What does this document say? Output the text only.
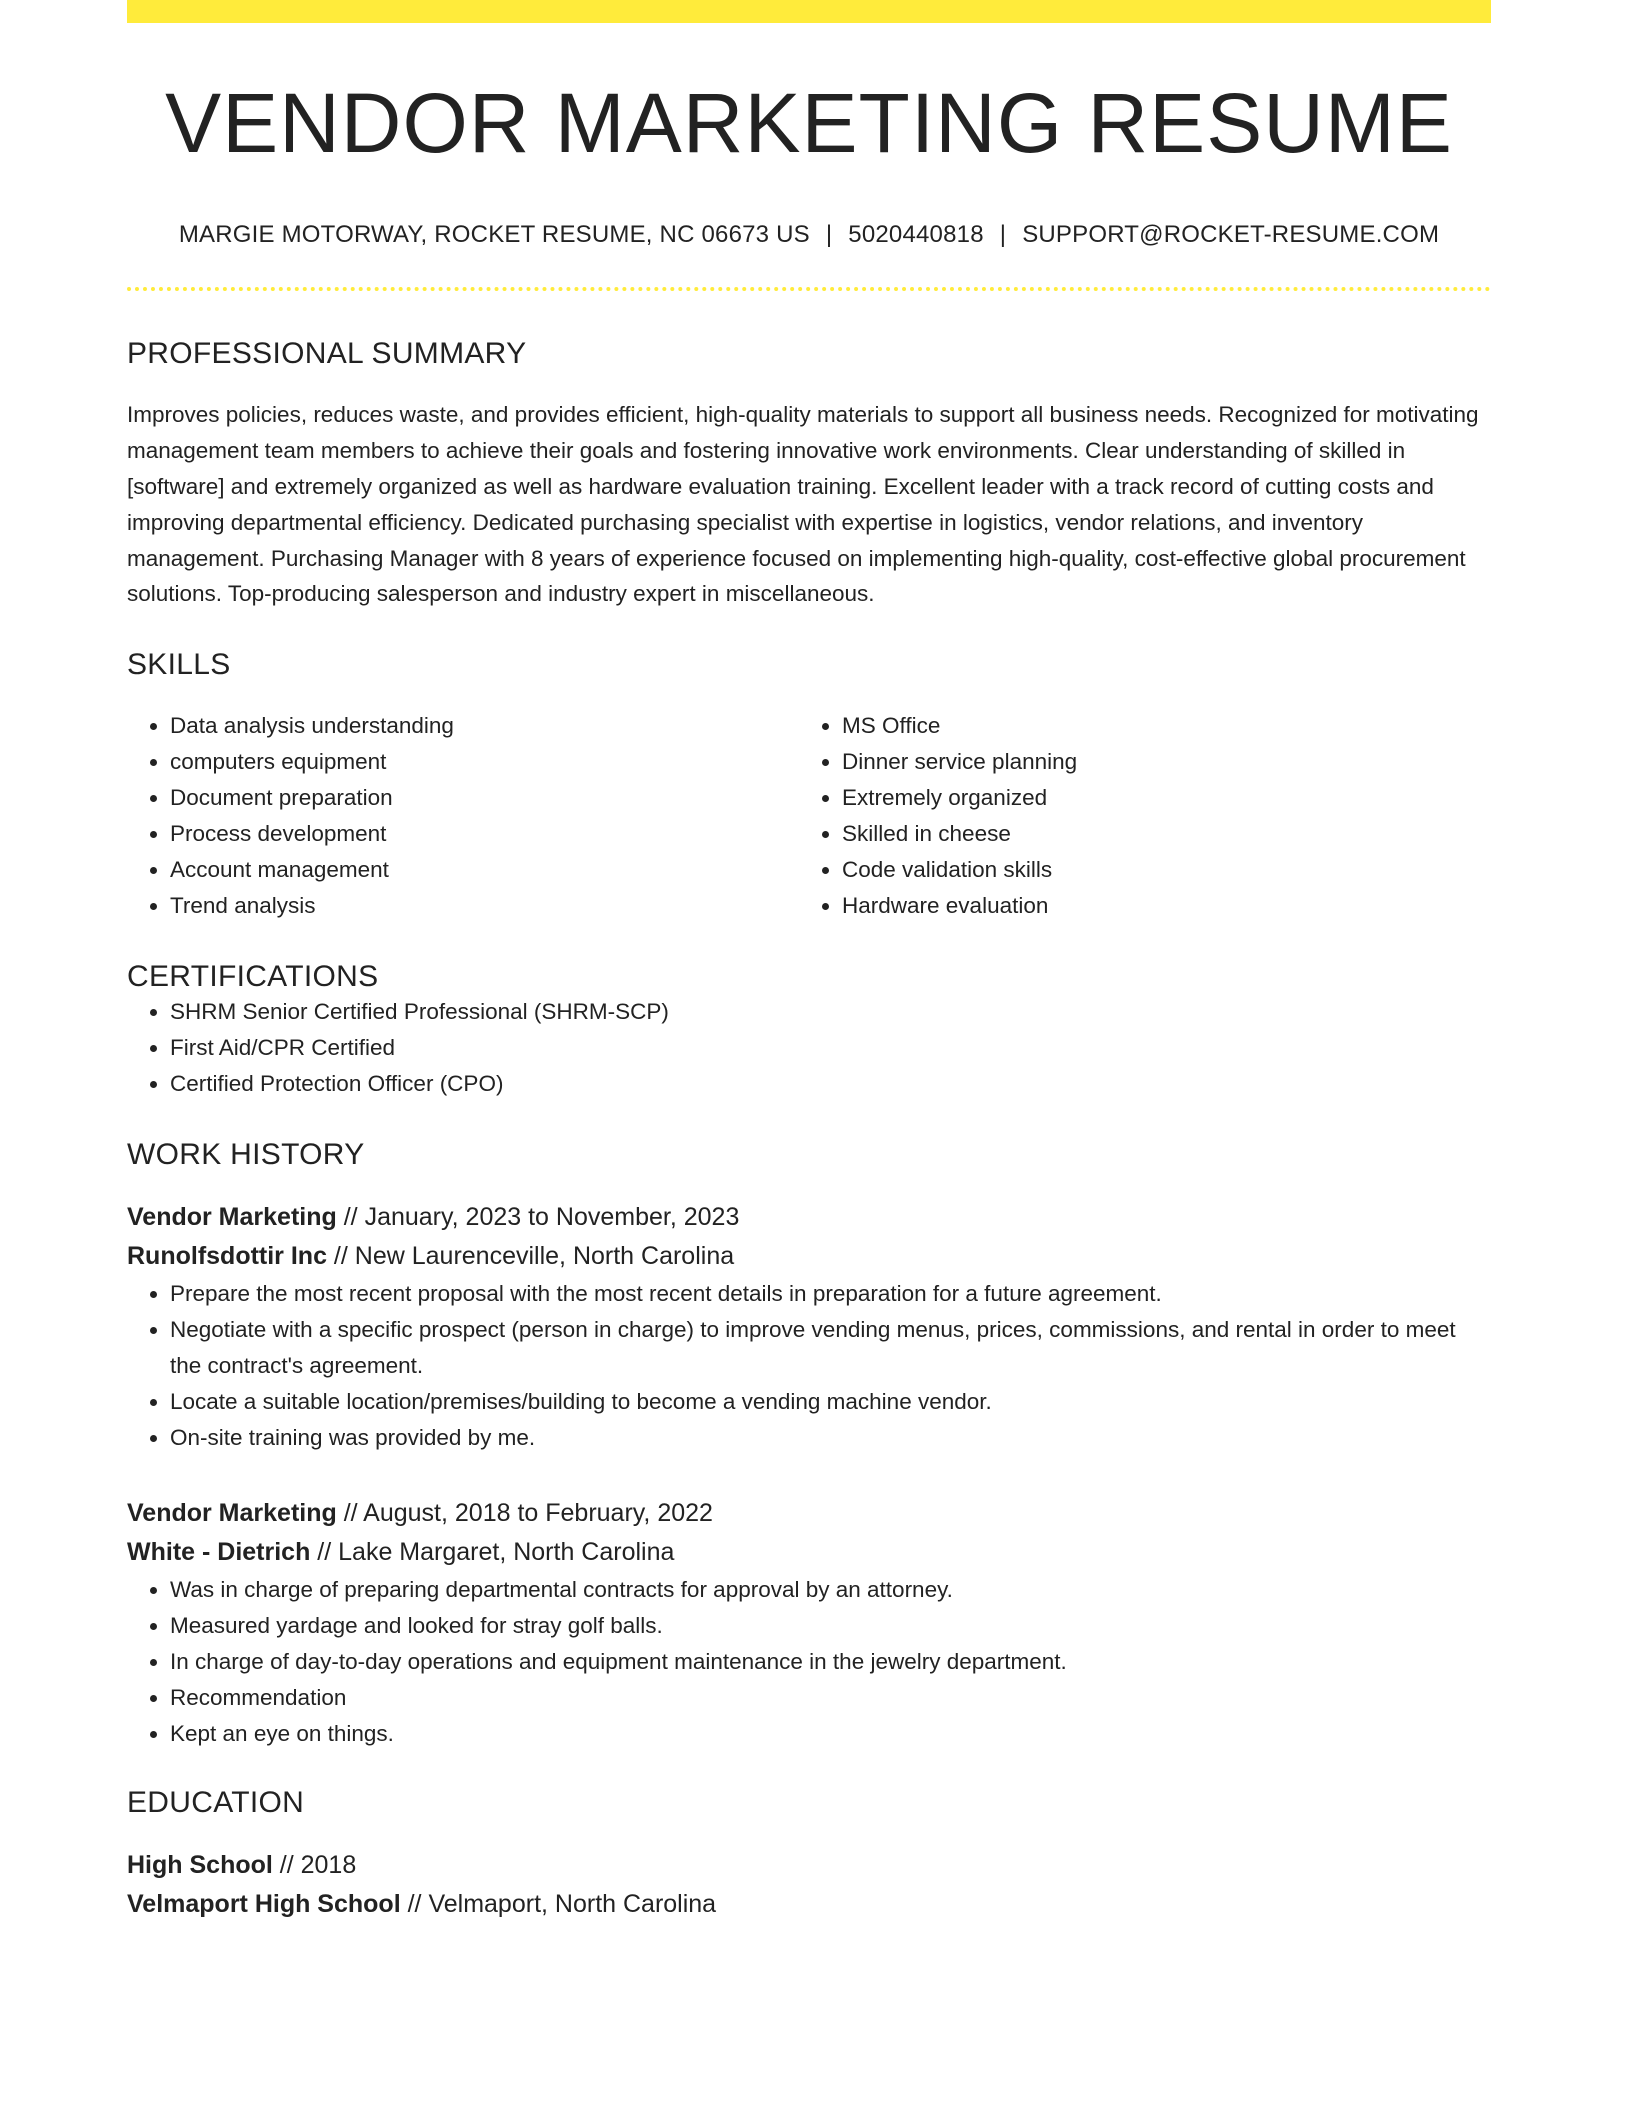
VENDOR MARKETING RESUME
MARGIE MOTORWAY, ROCKET RESUME, NC 06673 US | 5020440818 | SUPPORT@ROCKET-RESUME.COM
PROFESSIONAL SUMMARY

Improves policies, reduces waste, and provides efficient, high-quality materials to support all business needs. Recognized for motivating management team members to achieve their goals and fostering innovative work environments. Clear understanding of skilled in [software] and extremely organized as well as hardware evaluation training. Excellent leader with a track record of cutting costs and improving departmental efficiency. Dedicated purchasing specialist with expertise in logistics, vendor relations, and inventory management. Purchasing Manager with 8 years of experience focused on implementing high-quality, cost-effective global procurement solutions. Top-producing salesperson and industry expert in miscellaneous.

SKILLS
• Data analysis understanding
• computers equipment
• Document preparation
• Process development
• Account management
• Trend analysis
• MS Office
• Dinner service planning
• Extremely organized
• Skilled in cheese
• Code validation skills
• Hardware evaluation
CERTIFICATIONS
• SHRM Senior Certified Professional (SHRM-SCP)
• First Aid/CPR Certified
• Certified Protection Officer (CPO)
WORK HISTORY
Vendor Marketing // January, 2023 to November, 2023
Runolfsdottir Inc // New Laurenceville, North Carolina
• Prepare the most recent proposal with the most recent details in preparation for a future agreement.
• Negotiate with a specific prospect (person in charge) to improve vending menus, prices, commissions, and rental in order to meet the contract's agreement.
• Locate a suitable location/premises/building to become a vending machine vendor.
• On-site training was provided by me.
Vendor Marketing // August, 2018 to February, 2022
White - Dietrich // Lake Margaret, North Carolina
• Was in charge of preparing departmental contracts for approval by an attorney.
• Measured yardage and looked for stray golf balls.
• In charge of day-to-day operations and equipment maintenance in the jewelry department.
• Recommendation
• Kept an eye on things.
EDUCATION
High School // 2018
Velmaport High School // Velmaport, North Carolina
